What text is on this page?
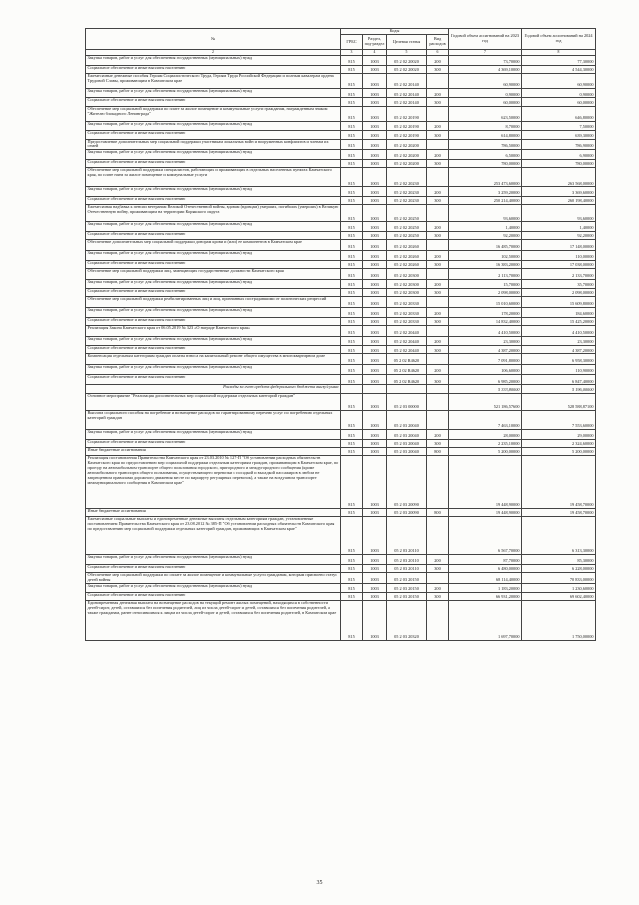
№	Коды				Годовой объем ассигнований на 2023 год	Годовой объем ассигнований на 2024 год
	ГРБС	Раздел, под-раздел	Целевая статья	Вид расходов		
2	3	4	5	6	7	8
Закупка товаров, работ и услуг для обеспечения государственных (муниципальных) нужд	815	1003	05 2 02 20020	200	73,70000	77,30000
Социальное обеспечение и иные выплаты населению	815	1003	05 2 02 20020	300	4 369,10000	4 544,30000
Ежемесячные денежные пособия Героям Социалистического Труда, Героям Труда Российской Федерации и полным кавалерам ордена Трудовой Славы, проживающим в Камчатском крае	815	1003	05 2 02 20140		60,90000	60,90000
Закупка товаров, работ и услуг для обеспечения государственных (муниципальных) нужд	815	1003	05 2 02 20140	200	0,90000	0,90000
Социальное обеспечение и иные выплаты населению	815	1003	05 2 02 20140	300	60,00000	60,00000
Обеспечение мер социальной поддержки по плате за жилое помещение и коммунальные услуги гражданам, награжденным знаком "Жителю блокадного Ленинграда"	815	1003	05 2 02 20190		623,50000	646,80000
Закупка товаров, работ и услуг для обеспечения государственных (муниципальных) нужд	815	1003	05 2 02 20190	200	8,70000	7,50000
Социальное обеспечение и иные выплаты населению	815	1003	05 2 02 20190	300	614,80000	639,30000
Предоставление дополнительных мер социальной поддержки участникам локальных войн и вооруженных конфликтов и членам их семей	815	1003	05 2 02 20200		786,50000	786,90000
Закупка товаров, работ и услуг для обеспечения государственных (муниципальных) нужд	815	1003	05 2 02 20200	200	6,50000	6,90000
Социальное обеспечение и иные выплаты населению	815	1003	05 2 02 20200	300	780,00000	780,00000
Обеспечение мер социальной поддержки специалистов, работающих и проживающих в отдельных населенных пунктах Камчатского края, по плате наем за жилое помещение и коммунальные услуги	815	1003	05 2 02 20230		253 473,60000	263 568,00000
Закупка товаров, работ и услуг для обеспечения государственных (муниципальных) нужд	815	1003	05 2 02 20230	200	3 259,20000	3 369,60000
Социальное обеспечение и иные выплаты населению	815	1003	05 2 02 20230	300	250 214,40000	260 198,40000
Ежемесячная надбавка к пенсии ветеранам Великой Отечественной войны, вдовам (вдовцам) умерших, погибших (умерших) в Великую Отечественную войну, проживающим на территории Корякского округа	815	1003	05 2 02 20250		93,60000	93,60000
Закупка товаров, работ и услуг для обеспечения государственных (муниципальных) нужд	815	1003	05 2 02 20250	200	1,40000	1,40000
Социальное обеспечение и иные выплаты населению	815	1003	05 2 02 20250	300	92,20000	92,20000
Обеспечение дополнительных мер социальной поддержки донорам крови и (или) ее компонентов в Камчатском крае	815	1003	05 2 02 20260		16 485,70000	17 148,00000
Закупка товаров, работ и услуг для обеспечения государственных (муниципальных) нужд	815	1003	05 2 02 20260	200	102,50000	110,00000
Социальное обеспечение и иные выплаты населению	815	1003	05 2 02 20260	300	16 383,20000	17 038,00000
Обеспечение мер социальной поддержки лиц, замещающих государственные должности Камчатского края	815	1003	05 2 02 20300		2 113,70000	2 133,70000
Закупка товаров, работ и услуг для обеспечения государственных (муниципальных) нужд	815	1003	05 2 02 20300	200	15,70000	35,70000
Социальное обеспечение и иные выплаты населению	815	1003	05 2 02 20300	300	2 098,00000	2 098,00000
Обеспечение мер социальной поддержки реабилитированных лиц и лиц, признанных пострадавшими от политических репрессий	815	1003	05 2 02 20330		15 010,60000	15 609,80000
Закупка товаров, работ и услуг для обеспечения государственных (муниципальных) нужд	815	1003	05 2 02 20330	200	178,20000	184,60000
Социальное обеспечение и иные выплаты населению	815	1003	05 2 02 20330	300	14 832,40000	15 425,20000
Реализация Закона Камчатского края от 06.05.2019 № 323 «О награде Камчатского края»	815	1003	05 2 02 20440		4 410,50000	4 410,50000
Закупка товаров, работ и услуг для обеспечения государственных (муниципальных) нужд	815	1003	05 2 02 20440	200	23,30000	23,30000
Социальное обеспечение и иные выплаты населению	815	1003	05 2 02 20440	300	4 387,20000	4 387,20000
Компенсация отдельным категориям граждан оплаты взноса на капитальный ремонт общего имущества в многоквартирном доме	815	1003	05 2 02 R4620		7 091,80000	6 958,30000
Закупка товаров, работ и услуг для обеспечения государственных (муниципальных) нужд	815	1003	05 2 02 R4620	200	106,60000	110,90000
Социальное обеспечение и иные выплаты населению	815	1003	05 2 02 R4620	300	6 985,20000	6 847,40000
Расходы за счет средств федерального бюджета внизу/сумма					5 333,80000	5 196,00000
Основное мероприятие "Реализация дополнительных мер социальной поддержки отдельных категорий граждан"	815	1003	05 2 03 00000		521 186,57600	528 588,87100
Выплата социального пособия на погребение и возмещение расходов по гарантированному перечню услуг по погребению отдельных категорий граждан	815	1003	05 2 03 20040		7 463,10000	7 553,60000
Закупка товаров, работ и услуг для обеспечения государственных (муниципальных) нужд	815	1003	05 2 03 20040	200	28,00000	29,00000
Социальное обеспечение и иные выплаты населению	815	1003	05 2 03 20040	300	2 235,10000	2 324,60000
Иные бюджетные ассигнования	815	1003	05 2 03 20040	800	5 200,00000	5 200,00000
Реализация постановления Правительства Камчатского края от 23.03.2010 № 127-П "Об установлении расходных обязательств Камчатского края по предоставлению мер социальной поддержки отдельным категориям граждан, проживающим в Камчатском крае, по проезду на автомобильном транспорте общего пользования городского, пригородного и междугородного сообщения (кроме автомобильного транспорта общего пользования, осуществляющего перевозки с посадкой и высадкой пассажиров в любом не запрещенном правилами дорожного движения месте по маршруту регулярных перевозок), а также на воздушном транспорте межмуниципального сообщения в Камчатском крае"	815	1003	05 2 03 20090		19 448,90000	19 458,70000
Иные бюджетные ассигнования	815	1003	05 2 03 20090	800	19 448,90000	19 458,70000
Ежемесячные социальные выплаты и единовременные денежные выплаты отдельным категориям граждан, установленные постановлением Правительства Камчатского края от 23.08.2012 № 385-П "Об установлении расходных обязательств Камчатского края по предоставлению мер социальной поддержки отдельных категорий граждан, проживающих в Камчатском крае"	815	1003	05 2 03 20110		6 567,70000	6 313,30000
Закупка товаров, работ и услуг для обеспечения государственных (муниципальных) нужд	815	1003	05 2 03 20110	200	87,70000	85,30000
Социальное обеспечение и иные выплаты населению	815	1003	05 2 03 20110	300	6 480,00000	6 228,00000
Обеспечение мер социальной поддержки по оплате за жилое помещение и коммунальные услуги гражданам, которым присвоено статус детей войны	815	1003	05 2 03 20150		68 114,40000	70 833,00000
Закупка товаров, работ и услуг для обеспечения государственных (муниципальных) нужд	815	1003	05 2 03 20150	200	1 183,20000	1 230,60000
Социальное обеспечение и иные выплаты населению	815	1003	05 2 03 20150	300	66 931,20000	69 602,40000
Единовременная денежная выплата на возмещение расходов на текущий ремонт жилых помещений, находящихся в собственности детей-сирот, детей, оставшихся без попечения родителей, лиц из числа детей-сирот и детей, оставшихся без попечения родителей, а также гражданам, ранее относившимся к лицам из числа детей-сирот и детей, оставшихся без попечения родителей, в Камчатском крае	815	1003	05 2 03 20320		1 697,70000	1 750,00000
35
